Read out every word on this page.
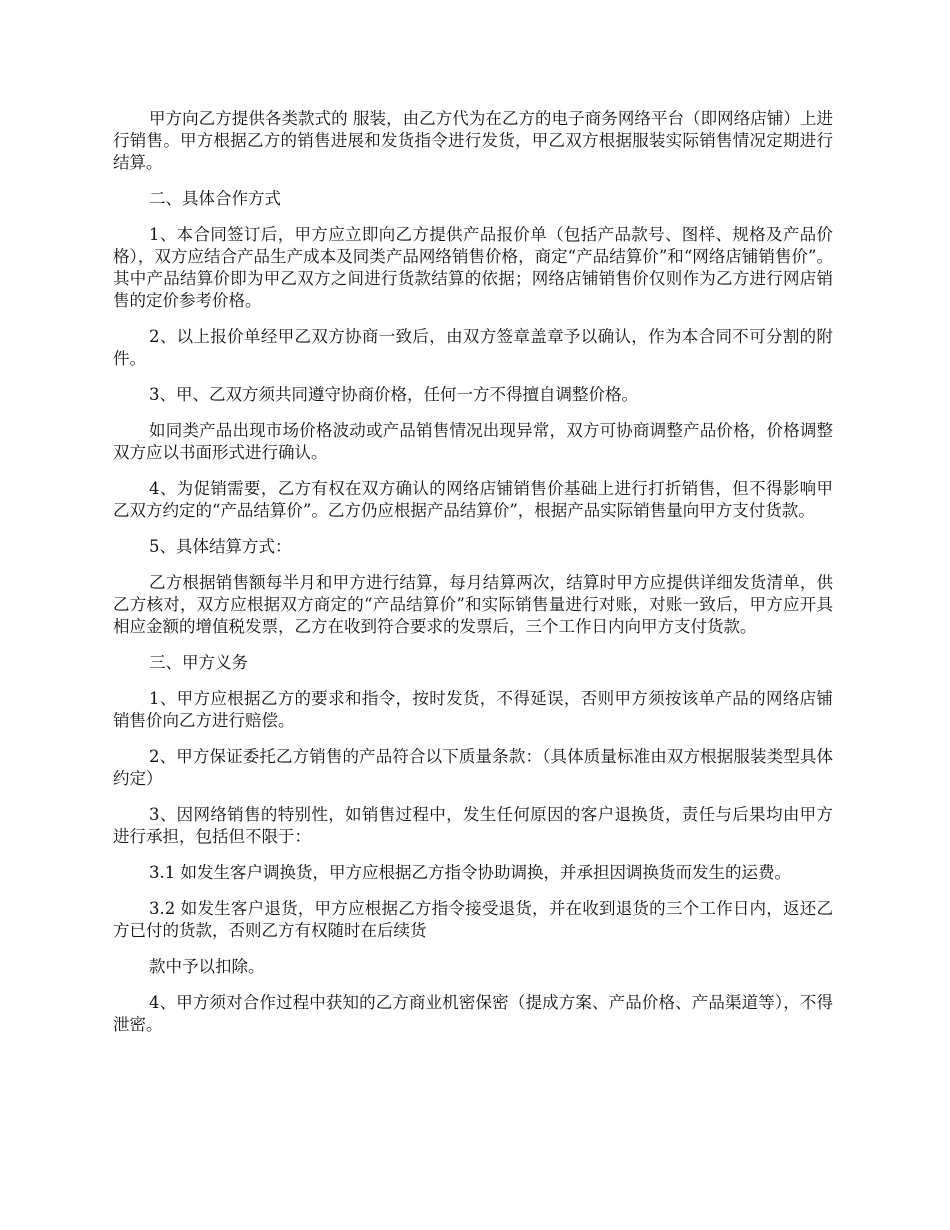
甲方向乙方提供各类款式的 服装，由乙方代为在乙方的电子商务网络平台（即网络店铺）上进行销售。甲方根据乙方的销售进展和发货指令进行发货，甲乙双方根据服装实际销售情况定期进行结算。

二、具体合作方式

1、本合同签订后，甲方应立即向乙方提供产品报价单（包括产品款号、图样、规格及产品价格），双方应结合产品生产成本及同类产品网络销售价格，商定“产品结算价”和“网络店铺销售价”。其中产品结算价即为甲乙双方之间进行货款结算的依据；网络店铺销售价仅则作为乙方进行网店销售的定价参考价格。

2、以上报价单经甲乙双方协商一致后，由双方签章盖章予以确认，作为本合同不可分割的附件。

3、甲、乙双方须共同遵守协商价格，任何一方不得擅自调整价格。

如同类产品出现市场价格波动或产品销售情况出现异常，双方可协商调整产品价格，价格调整双方应以书面形式进行确认。

4、为促销需要，乙方有权在双方确认的网络店铺销售价基础上进行打折销售，但不得影响甲乙双方约定的“产品结算价”。乙方仍应根据产品结算价”，根据产品实际销售量向甲方支付货款。

5、具体结算方式：

乙方根据销售额每半月和甲方进行结算，每月结算两次，结算时甲方应提供详细发货清单，供乙方核对，双方应根据双方商定的“产品结算价”和实际销售量进行对账，对账一致后，甲方应开具相应金额的增值税发票，乙方在收到符合要求的发票后，三个工作日内向甲方支付货款。

三、甲方义务

1、甲方应根据乙方的要求和指令，按时发货，不得延误，否则甲方须按该单产品的网络店铺销售价向乙方进行赔偿。

2、甲方保证委托乙方销售的产品符合以下质量条款：（具体质量标准由双方根据服装类型具体约定）

3、因网络销售的特别性，如销售过程中，发生任何原因的客户退换货，责任与后果均由甲方进行承担，包括但不限于：

3.1 如发生客户调换货，甲方应根据乙方指令协助调换，并承担因调换货而发生的运费。

3.2 如发生客户退货，甲方应根据乙方指令接受退货，并在收到退货的三个工作日内，返还乙方已付的货款，否则乙方有权随时在后续货

款中予以扣除。

4、甲方须对合作过程中获知的乙方商业机密保密（提成方案、产品价格、产品渠道等），不得泄密。
